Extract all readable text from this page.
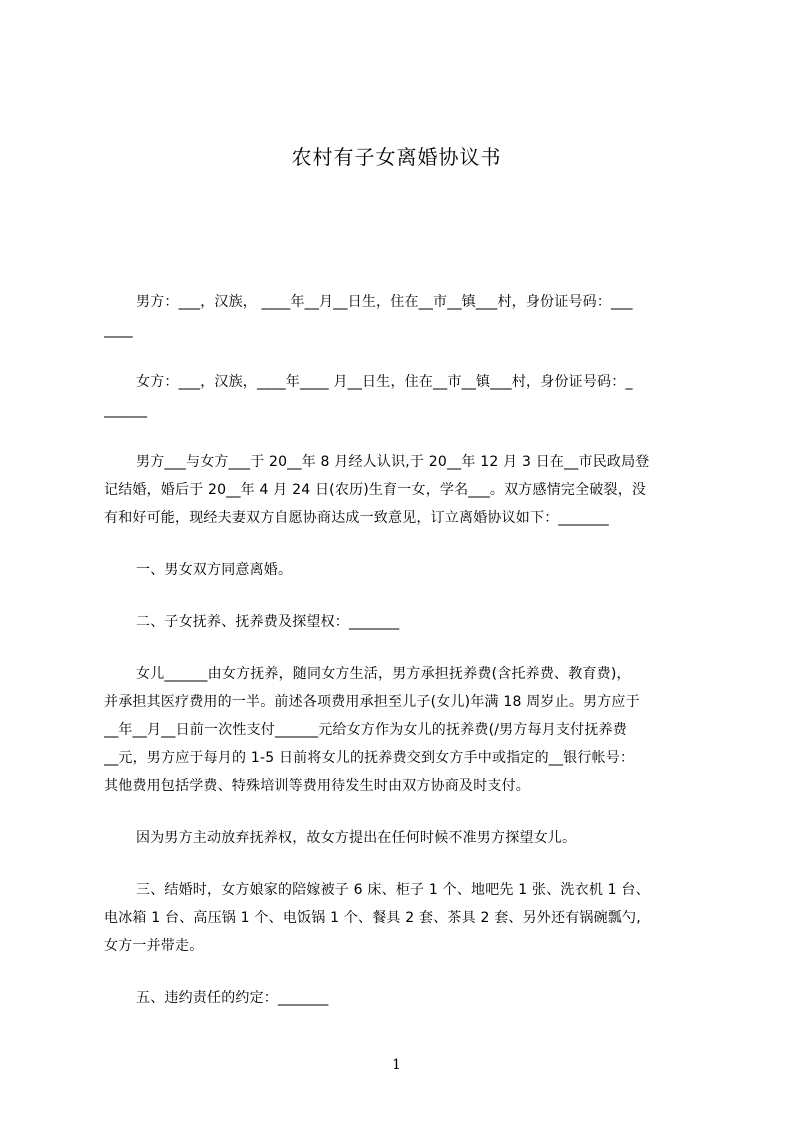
农村有子女离婚协议书
男方：___，汉族， ____年__月__日生，住在__市__镇___村，身份证号码：___
____
女方：___，汉族，____年____ 月__日生，住在__市__镇___村，身份证号码：_
______
男方___与女方___于 20__年 8 月经人认识,于 20__年 12 月 3 日在__市民政局登
记结婚，婚后于 20__年 4 月 24 日(农历)生育一女，学名___。双方感情完全破裂，没
有和好可能，现经夫妻双方自愿协商达成一致意见，订立离婚协议如下：_______
一、男女双方同意离婚。
二、子女抚养、抚养费及探望权：_______
女儿______由女方抚养，随同女方生活，男方承担抚养费(含托养费、教育费)，
并承担其医疗费用的一半。前述各项费用承担至儿子(女儿)年满 18 周岁止。男方应于
__年__月__日前一次性支付______元给女方作为女儿的抚养费(/男方每月支付抚养费
__元，男方应于每月的 1-5 日前将女儿的抚养费交到女方手中或指定的__银行帐号：
其他费用包括学费、特殊培训等费用待发生时由双方协商及时支付。
因为男方主动放弃抚养权，故女方提出在任何时候不准男方探望女儿。
三、结婚时，女方娘家的陪嫁被子 6 床、柜子 1 个、地吧先 1 张、洗衣机 1 台、
电冰箱 1 台、高压锅 1 个、电饭锅 1 个、餐具 2 套、茶具 2 套、另外还有锅碗瓢勺,
女方一并带走。
五、违约责任的约定：_______
1
